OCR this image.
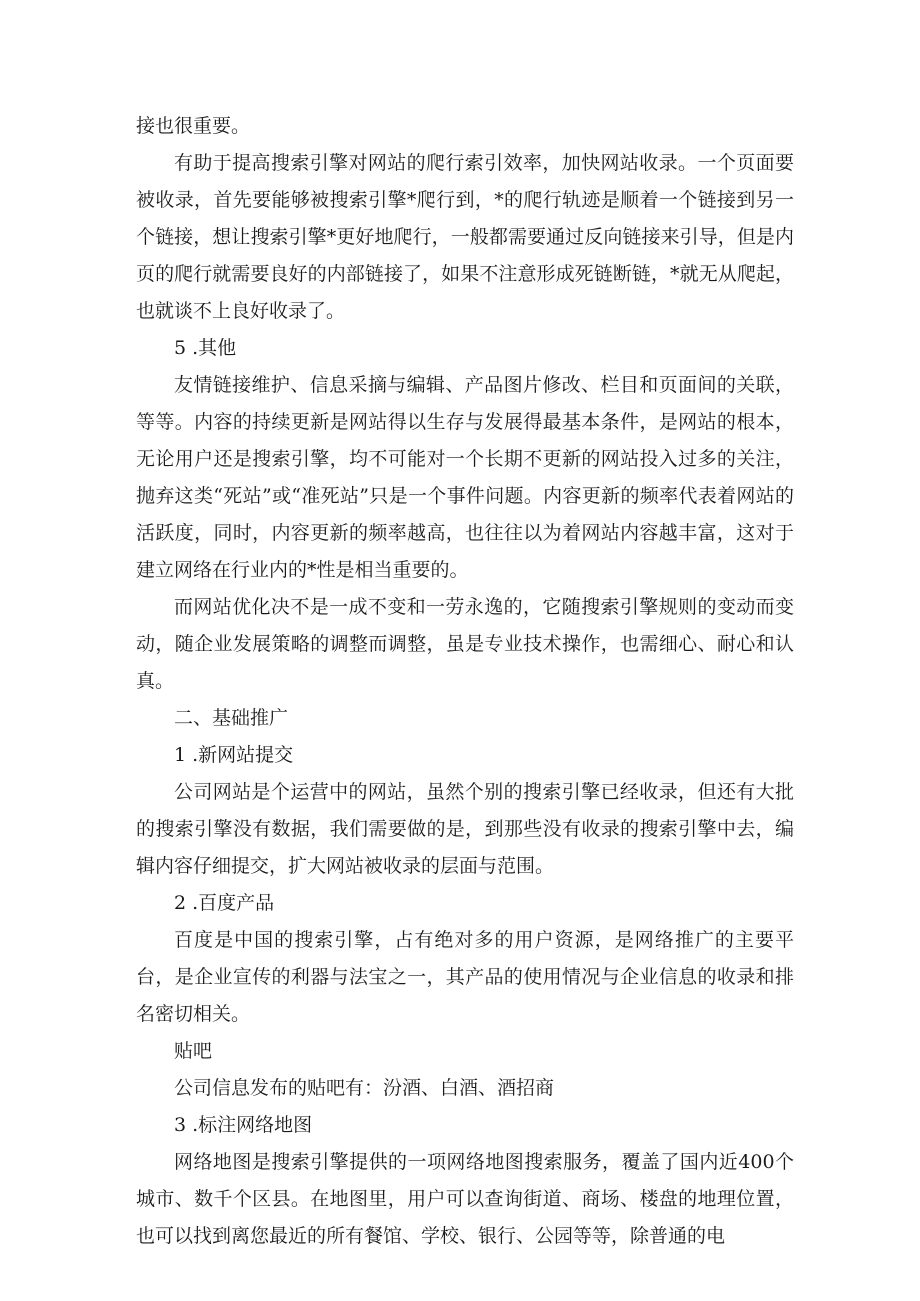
接也很重要。

有助于提高搜索引擎对网站的爬行索引效率，加快网站收录。一个页面要被收录，首先要能够被搜索引擎*爬行到，*的爬行轨迹是顺着一个链接到另一个链接，想让搜索引擎*更好地爬行，一般都需要通过反向链接来引导，但是内页的爬行就需要良好的内部链接了，如果不注意形成死链断链，*就无从爬起，也就谈不上良好收录了。

5 .其他

友情链接维护、信息采摘与编辑、产品图片修改、栏目和页面间的关联，等等。内容的持续更新是网站得以生存与发展得最基本条件，是网站的根本，无论用户还是搜索引擎，均不可能对一个长期不更新的网站投入过多的关注，抛弃这类“死站”或“准死站”只是一个事件问题。内容更新的频率代表着网站的活跃度，同时，内容更新的频率越高，也往往以为着网站内容越丰富，这对于建立网络在行业内的*性是相当重要的。

而网站优化决不是一成不变和一劳永逸的，它随搜索引擎规则的变动而变动，随企业发展策略的调整而调整，虽是专业技术操作，也需细心、耐心和认真。

二、基础推广

1 .新网站提交

公司网站是个运营中的网站，虽然个别的搜索引擎已经收录，但还有大批的搜索引擎没有数据，我们需要做的是，到那些没有收录的搜索引擎中去，编辑内容仔细提交，扩大网站被收录的层面与范围。

2 .百度产品

百度是中国的搜索引擎，占有绝对多的用户资源，是网络推广的主要平台，是企业宣传的利器与法宝之一，其产品的使用情况与企业信息的收录和排名密切相关。

贴吧

公司信息发布的贴吧有：汾酒、白酒、酒招商

3 .标注网络地图

网络地图是搜索引擎提供的一项网络地图搜索服务，覆盖了国内近400个城市、数千个区县。在地图里，用户可以查询街道、商场、楼盘的地理位置，也可以找到离您最近的所有餐馆、学校、银行、公园等等，除普通的电
